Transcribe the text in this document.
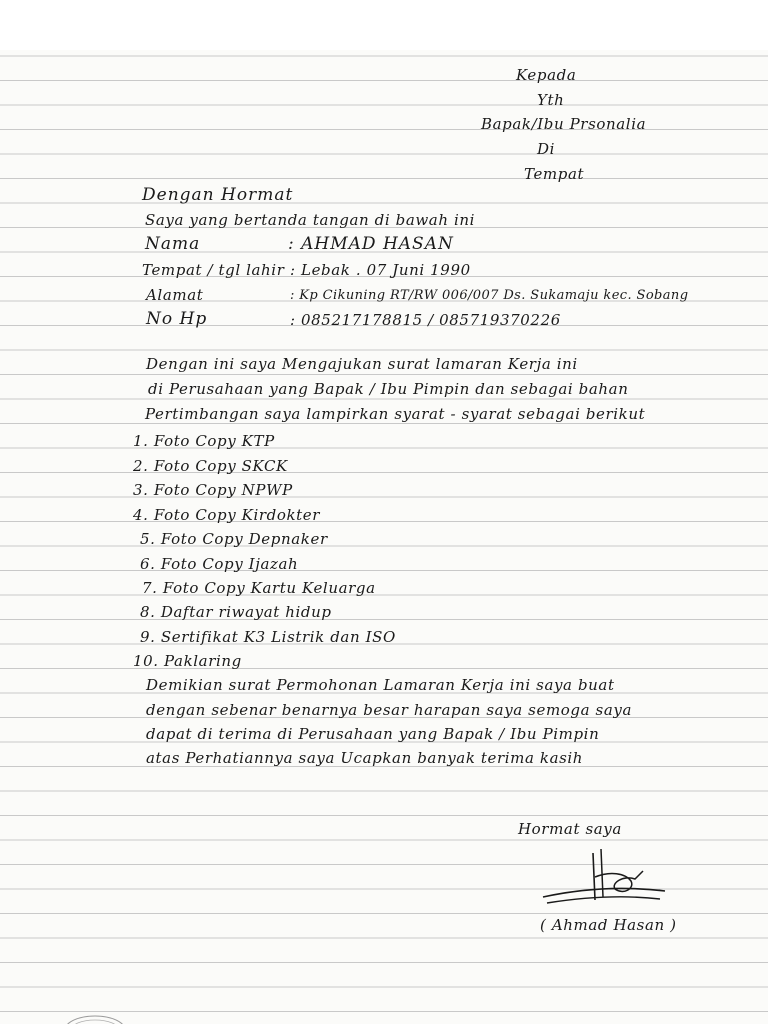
Kepada
Yth
Bapak/Ibu Prsonalia
Di
Tempat
Dengan Hormat
Saya yang bertanda tangan di bawah ini
Nama	: AHMAD HASAN
Tempat / tgl lahir : Lebak . 07 Juni 1990
Alamat	: Kp Cikuning RT/RW 006/007 Ds. Sukamaju kec. Sobang
No Hp	: 085217178815 / 085719370226
Dengan ini saya Mengajukan surat lamaran Kerja ini
di Perusahaan yang Bapak / Ibu Pimpin dan sebagai bahan
Pertimbangan saya lampirkan syarat - syarat sebagai berikut
1. Foto Copy KTP
2. Foto Copy SKCK
3. Foto Copy NPWP
4. Foto Copy Kirdokter
5. Foto Copy Depnaker
6. Foto Copy Ijazah
7. Foto Copy Kartu Keluarga
8. Daftar riwayat hidup
9. Sertifikat K3 Listrik dan ISO
10. Paklaring
Demikian surat Permohonan Lamaran Kerja ini saya buat
dengan sebenar benarnya besar harapan saya semoga saya
dapat di terima di Perusahaan yang Bapak / Ibu Pimpin
atas Perhatiannya saya Ucapkan banyak terima kasih
Hormat saya
( Ahmad Hasan )
